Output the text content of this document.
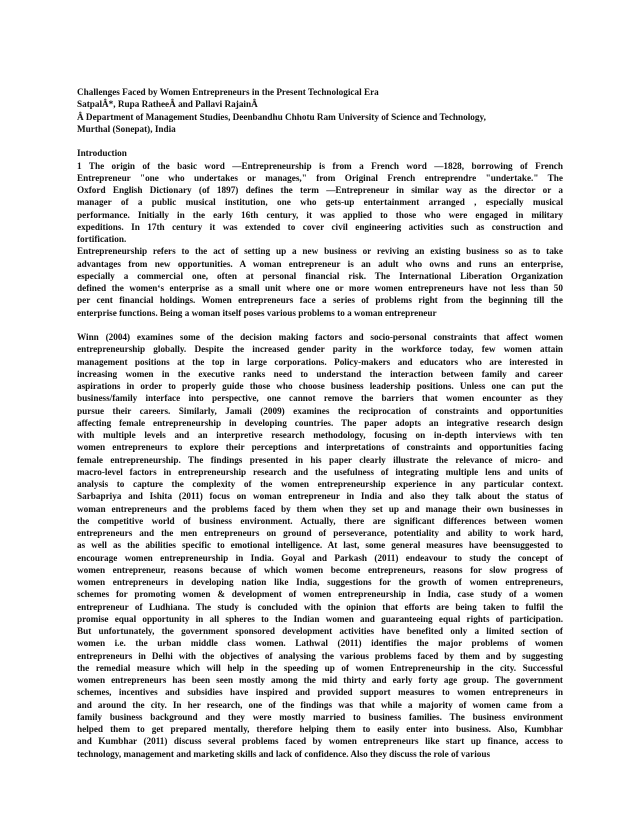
Challenges Faced by Women Entrepreneurs in the Present Technological Era
SatpalÂ*, Rupa RatheeÂ and Pallavi RajainÂ
Â Department of Management Studies, Deenbandhu Chhotu Ram University of Science and Technology,
Murthal (Sonepat), India
Introduction
1 The origin of the basic word —Entrepreneurship is from a French word —1828, borrowing of French
Entrepreneur "one who undertakes or manages," from Original French entreprendre "undertake." The
Oxford English Dictionary (of 1897) defines the term —Entrepreneur in similar way as the director or a
manager of a public musical institution, one who gets-up entertainment arranged , especially musical
performance. Initially in the early 16th century, it was applied to those who were engaged in military
expeditions. In 17th century it was extended to cover civil engineering activities such as construction and
fortification.
Entrepreneurship refers to the act of setting up a new business or reviving an existing business so as to take
advantages from new opportunities. A woman entrepreneur is an adult who owns and runs an enterprise,
especially a commercial one, often at personal financial risk. The International Liberation Organization
defined the women‘s enterprise as a small unit where one or more women entrepreneurs have not less than 50
per cent financial holdings. Women entrepreneurs face a series of problems right from the beginning till the
enterprise functions. Being a woman itself poses various problems to a woman entrepreneur
Winn (2004) examines some of the decision making factors and socio-personal constraints that affect women
entrepreneurship globally. Despite the increased gender parity in the workforce today, few women attain
management positions at the top in large corporations. Policy-makers and educators who are interested in
increasing women in the executive ranks need to understand the interaction between family and career
aspirations in order to properly guide those who choose business leadership positions. Unless one can put the
business/family interface into perspective, one cannot remove the barriers that women encounter as they
pursue their careers. Similarly, Jamali (2009) examines the reciprocation of constraints and opportunities
affecting female entrepreneurship in developing countries. The paper adopts an integrative research design
with multiple levels and an interpretive research methodology, focusing on in-depth interviews with ten
women entrepreneurs to explore their perceptions and interpretations of constraints and opportunities facing
female entrepreneurship. The findings presented in his paper clearly illustrate the relevance of micro- and
macro-level factors in entrepreneurship research and the usefulness of integrating multiple lens and units of
analysis to capture the complexity of the women entrepreneurship experience in any particular context.
Sarbapriya and Ishita (2011) focus on woman entrepreneur in India and also they talk about the status of
woman entrepreneurs and the problems faced by them when they set up and manage their own businesses in
the competitive world of business environment. Actually, there are significant differences between women
entrepreneurs and the men entrepreneurs on ground of perseverance, potentiality and ability to work hard,
as well as the abilities specific to emotional intelligence. At last, some general measures have beensuggested to
encourage women entrepreneurship in India. Goyal and Parkash (2011) endeavour to study the concept of
women entrepreneur, reasons because of which women become entrepreneurs, reasons for slow progress of
women entrepreneurs in developing nation like India, suggestions for the growth of women entrepreneurs,
schemes for promoting women & development of women entrepreneurship in India, case study of a women
entrepreneur of Ludhiana. The study is concluded with the opinion that efforts are being taken to fulfil the
promise equal opportunity in all spheres to the Indian women and guaranteeing equal rights of participation.
But unfortunately, the government sponsored development activities have benefited only a limited section of
women i.e. the urban middle class women. Lathwal (2011) identifies the major problems of women
entrepreneurs in Delhi with the objectives of analysing the various problems faced by them and by suggesting
the remedial measure which will help in the speeding up of women Entrepreneurship in the city. Successful
women entrepreneurs has been seen mostly among the mid thirty and early forty age group. The government
schemes, incentives and subsidies have inspired and provided support measures to women entrepreneurs in
and around the city. In her research, one of the findings was that while a majority of women came from a
family business background and they were mostly married to business families. The business environment
helped them to get prepared mentally, therefore helping them to easily enter into business. Also, Kumbhar
and Kumbhar (2011) discuss several problems faced by women entrepreneurs like start up finance, access to
technology, management and marketing skills and lack of confidence. Also they discuss the role of various
